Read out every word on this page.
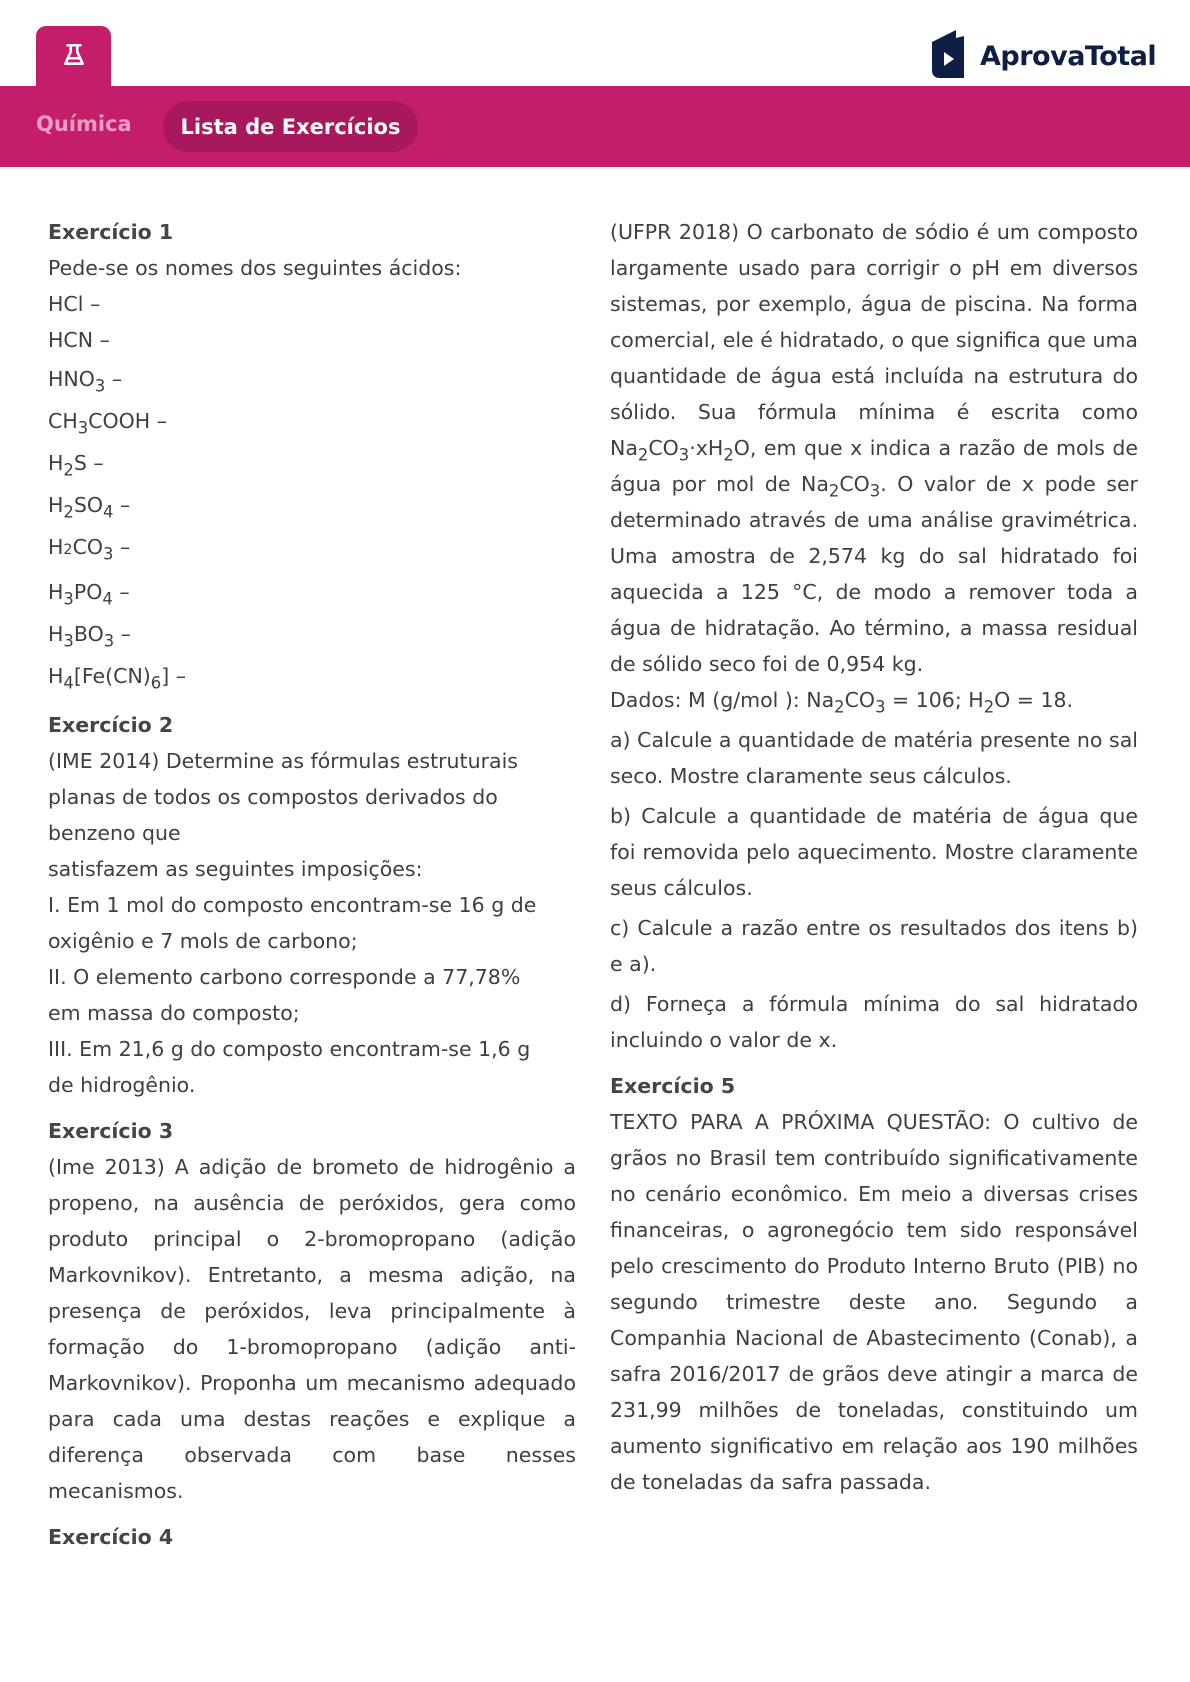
AprovaTotal
Química	Lista de Exercícios

Exercício 1

Pede-se os nomes dos seguintes ácidos:

HCl –

HCN –

$HNO_3$ –

$CH_3COOH$ –

$H_2S$ –

$H_2SO_4$ –

$H2CO_3$ –

$H_3PO_4$ –

$H_3BO_3$ –

$H_4[Fe(CN)_6]$ –

Exercício 2

(IME 2014) Determine as fórmulas estruturais

planas de todos os compostos derivados do

benzeno que

satisfazem as seguintes imposições:

I. Em 1 mol do composto encontram-se 16 g de

oxigênio e 7 mols de carbono;

II. O elemento carbono corresponde a 77,78%

em massa do composto;

III. Em 21,6 g do composto encontram-se 1,6 g

de hidrogênio.

Exercício 3

(Ime 2013) A adição de brometo de hidrogênio a propeno, na ausência de peróxidos, gera como produto principal o 2-bromopropano (adição Markovnikov). Entretanto, a mesma adição, na presença de peróxidos, leva principalmente à formação do 1-bromopropano (adição anti-Markovnikov). Proponha um mecanismo adequado para cada uma destas reações e explique a diferença observada com base nesses mecanismos.

Exercício 4

(UFPR 2018) O carbonato de sódio é um composto largamente usado para corrigir o pH em diversos sistemas, por exemplo, água de piscina. Na forma comercial, ele é hidratado, o que significa que uma quantidade de água está incluída na estrutura do sólido. Sua fórmula mínima é escrita como $Na_2CO_3\cdot xH_2O$, em que x indica a razão de mols de água por mol de $Na_2CO_3$. O valor de x pode ser determinado através de uma análise gravimétrica. Uma amostra de 2,574 kg do sal hidratado foi aquecida a 125 °C, de modo a remover toda a água de hidratação. Ao término, a massa residual de sólido seco foi de 0,954 kg.

Dados: M (g/mol ): $Na_2CO_3 = 106$; $H_2O = 18$.

a) Calcule a quantidade de matéria presente no sal seco. Mostre claramente seus cálculos.

b) Calcule a quantidade de matéria de água que foi removida pelo aquecimento. Mostre claramente seus cálculos.

c) Calcule a razão entre os resultados dos itens b) e a).

d) Forneça a fórmula mínima do sal hidratado incluindo o valor de x.

Exercício 5

TEXTO PARA A PRÓXIMA QUESTÃO: O cultivo de grãos no Brasil tem contribuído significativamente no cenário econômico. Em meio a diversas crises financeiras, o agronegócio tem sido responsável pelo crescimento do Produto Interno Bruto (PIB) no segundo trimestre deste ano. Segundo a Companhia Nacional de Abastecimento (Conab), a safra 2016/2017 de grãos deve atingir a marca de 231,99 milhões de toneladas, constituindo um aumento significativo em relação aos 190 milhões de toneladas da safra passada.
